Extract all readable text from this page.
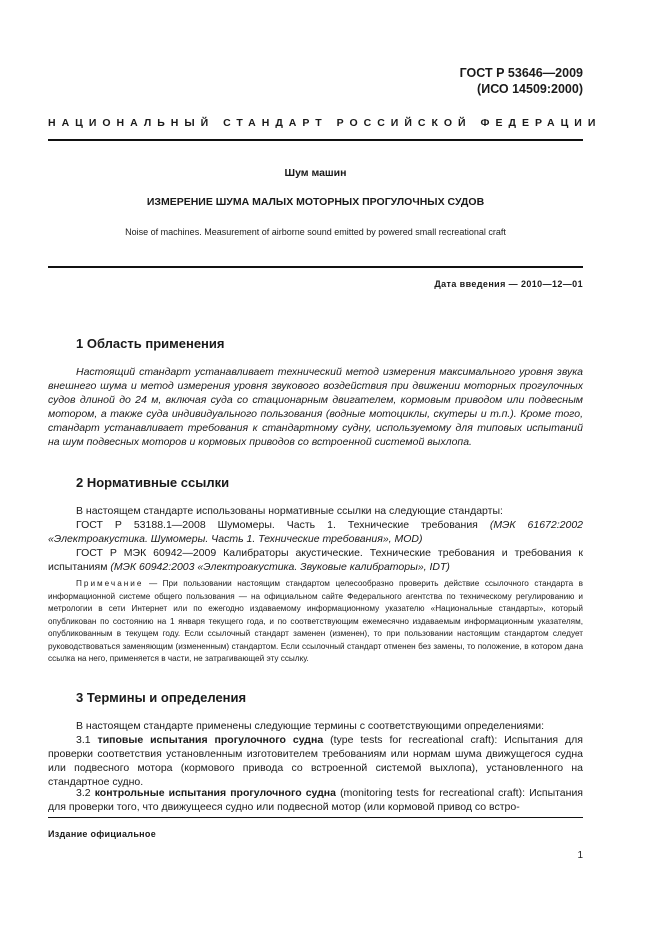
ГОСТ Р 53646—2009
(ИСО 14509:2000)
НАЦИОНАЛЬНЫЙ СТАНДАРТ РОССИЙСКОЙ ФЕДЕРАЦИИ
Шум машин
ИЗМЕРЕНИЕ ШУМА МАЛЫХ МОТОРНЫХ ПРОГУЛОЧНЫХ СУДОВ
Noise of machines. Measurement of airborne sound emitted by powered small recreational craft
Дата введения — 2010—12—01
1 Область применения
Настоящий стандарт устанавливает технический метод измерения максимального уровня звука внешнего шума и метод измерения уровня звукового воздействия при движении моторных прогулочных судов длиной до 24 м, включая суда со стационарным двигателем, кормовым приводом или подвесным мотором, а также суда индивидуального пользования (водные мотоциклы, скутеры и т.п.). Кроме того, стандарт устанавливает требования к стандартному судну, используемому для типовых испытаний на шум подвесных моторов и кормовых приводов со встроенной системой выхлопа.
2 Нормативные ссылки
В настоящем стандарте использованы нормативные ссылки на следующие стандарты:
ГОСТ Р 53188.1—2008 Шумомеры. Часть 1. Технические требования (МЭК 61672:2002 «Электроакустика. Шумомеры. Часть 1. Технические требования», MOD)
ГОСТ Р МЭК 60942—2009 Калибраторы акустические. Технические требования и требования к испытаниям (МЭК 60942:2003 «Электроакустика. Звуковые калибраторы», IDT)
Примечание — При пользовании настоящим стандартом целесообразно проверить действие ссылочного стандарта в информационной системе общего пользования — на официальном сайте Федерального агентства по техническому регулированию и метрологии в сети Интернет или по ежегодно издаваемому информационному указателю «Национальные стандарты», который опубликован по состоянию на 1 января текущего года, и по соответствующим ежемесячно издаваемым информационным указателям, опубликованным в текущем году. Если ссылочный стандарт заменен (изменен), то при пользовании настоящим стандартом следует руководствоваться заменяющим (измененным) стандартом. Если ссылочный стандарт отменен без замены, то положение, в котором дана ссылка на него, применяется в части, не затрагивающей эту ссылку.
3 Термины и определения
В настоящем стандарте применены следующие термины с соответствующими определениями:
3.1 типовые испытания прогулочного судна (type tests for recreational craft): Испытания для проверки соответствия установленным изготовителем требованиям или нормам шума движущегося судна или подвесного мотора (кормового привода со встроенной системой выхлопа), установленного на стандартное судно.
3.2 контрольные испытания прогулочного судна (monitoring tests for recreational craft): Испытания для проверки того, что движущееся судно или подвесной мотор (или кормовой привод со встро-
Издание официальное
1
